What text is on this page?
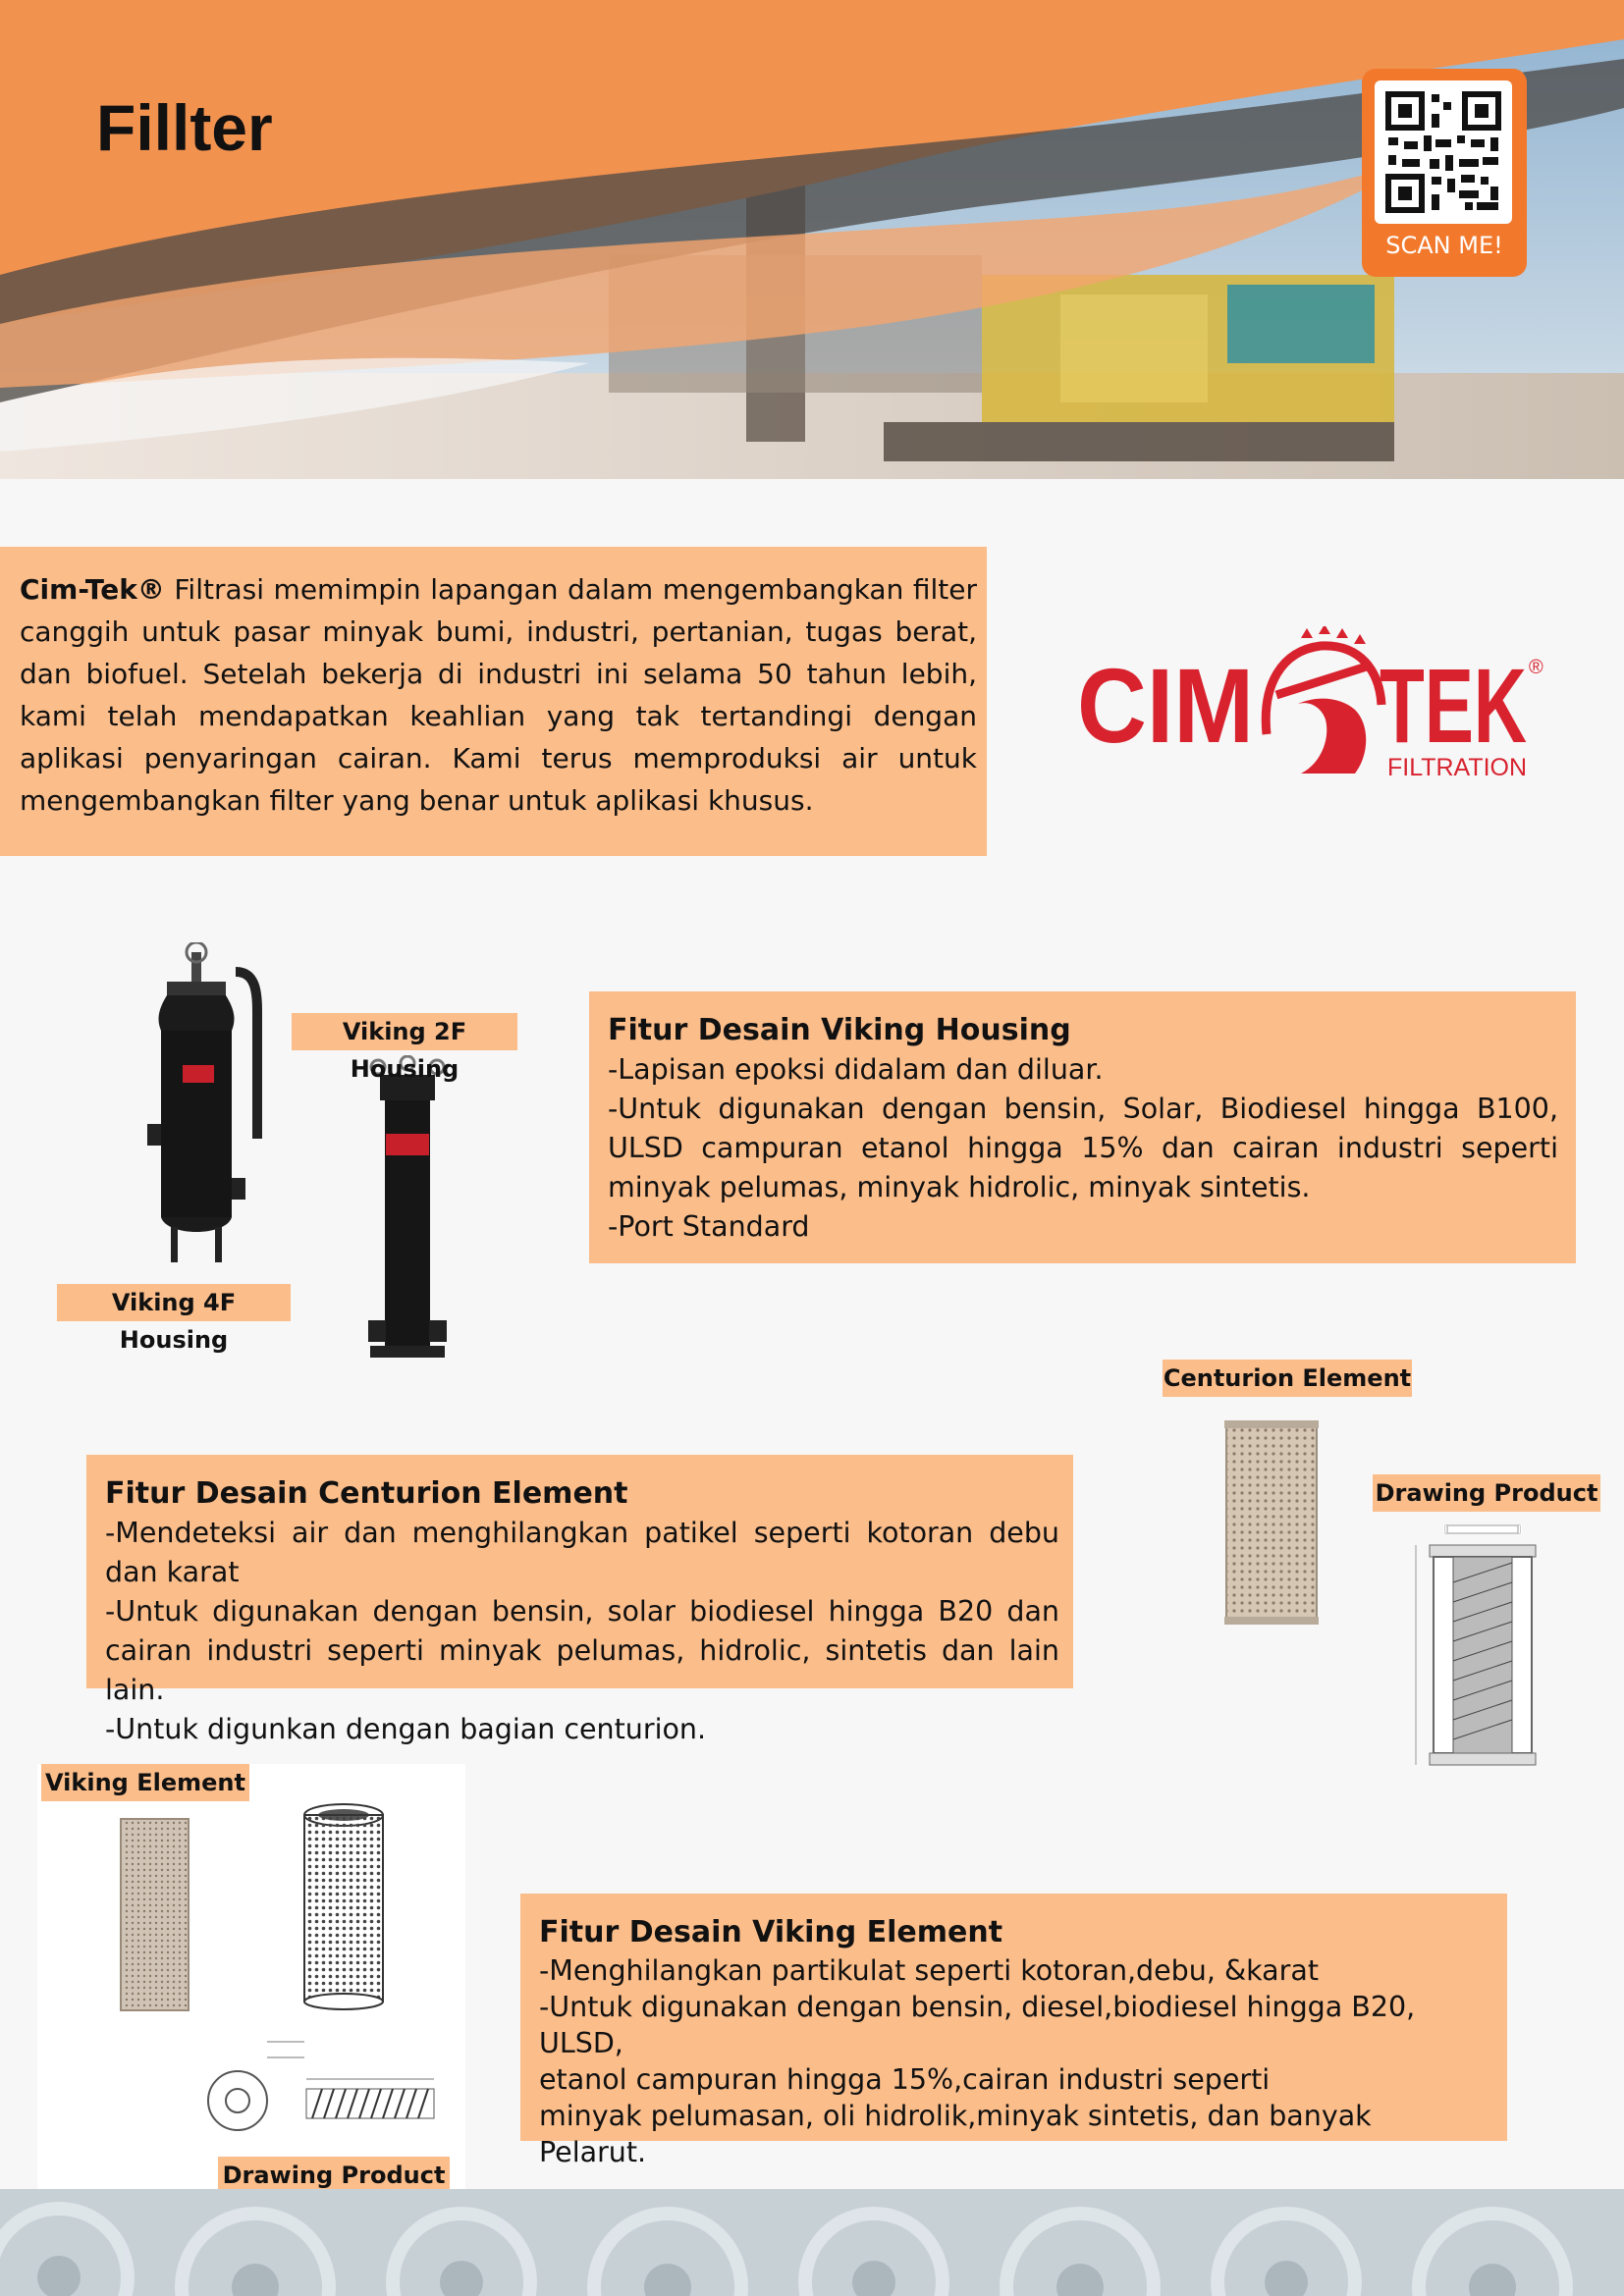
Fillter
SCAN ME!
Cim-Tek® Filtrasi memimpin lapangan dalam mengembangkan filter canggih untuk pasar minyak bumi, industri, pertanian, tugas berat, dan biofuel. Setelah bekerja di industri ini selama 50 tahun lebih, kami telah mendapatkan keahlian yang tak tertandingi dengan aplikasi penyaringan cairan. Kami terus memproduksi air untuk mengembangkan filter yang benar untuk aplikasi khusus.
CIM TEK ®
FILTRATION
Viking 2F Housing
Viking 4F Housing
Fitur Desain Viking Housing

-Lapisan epoksi didalam dan diluar.

-Untuk digunakan dengan bensin, Solar, Biodiesel hingga B100, ULSD campuran etanol hingga 15% dan cairan industri seperti minyak pelumas, minyak hidrolic, minyak sintetis.

-Port Standard

Centurion Element
Drawing Product
Fitur Desain Centurion Element

-Mendeteksi air dan menghilangkan patikel seperti kotoran debu dan karat

-Untuk digunakan dengan bensin, solar biodiesel hingga B20 dan cairan industri seperti minyak pelumas, hidrolic, sintetis dan lain lain.

-Untuk digunkan dengan bagian centurion.

Viking Element
Drawing Product
Fitur Desain Viking Element

-Menghilangkan partikulat seperti kotoran,debu, &karat

-Untuk digunakan dengan bensin, diesel,biodiesel hingga B20, ULSD,

etanol campuran hingga 15%,cairan industri seperti

minyak pelumasan, oli hidrolik,minyak sintetis, dan banyak

Pelarut.
